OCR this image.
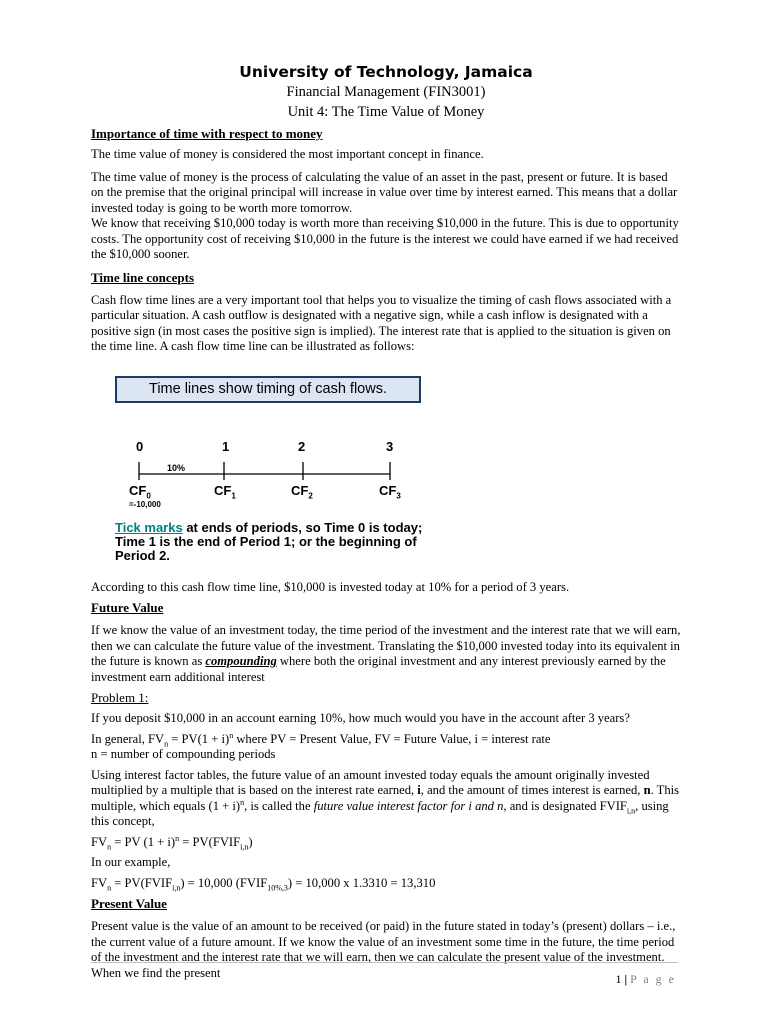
University of Technology, Jamaica

Financial Management (FIN3001)

Unit 4: The Time Value of Money

Importance of time with respect to money

The time value of money is considered the most important concept in finance.

The time value of money is the process of calculating the value of an asset in the past, present or future. It is based on the premise that the original principal will increase in value over time by interest earned. This means that a dollar invested today is going to be worth more tomorrow.

We know that receiving $10,000 today is worth more than receiving $10,000 in the future. This is due to opportunity costs. The opportunity cost of receiving $10,000 in the future is the interest we could have earned if we had received the $10,000 sooner.

Time line concepts

Cash flow time lines are a very important tool that helps you to visualize the timing of cash flows associated with a particular situation. A cash outflow is designated with a negative sign, while a cash inflow is designated with a positive sign (in most cases the positive sign is implied). The interest rate that is applied to the situation is given on the time line. A cash flow time line can be illustrated as follows:

Time lines show timing of cash flows.
0	1	2	3
10%
$CF_0$	$CF_1$	$CF_2$	$CF_3$
=-10,000
Tick marks at ends of periods, so Time 0 is today; Time 1 is the end of Period 1; or the beginning of Period 2.

According to this cash flow time line, $10,000 is invested today at 10% for a period of 3 years.

Future Value

If we know the value of an investment today, the time period of the investment and the interest rate that we will earn, then we can calculate the future value of the investment. Translating the $10,000 invested today into its equivalent in the future is known as compounding where both the original investment and any interest previously earned by the investment earn additional interest

Problem 1:

If you deposit $10,000 in an account earning 10%, how much would you have in the account after 3 years?

In general, $FV_n = PV(1 + i)^n$ where PV = Present Value, FV = Future Value, i = interest rate

n = number of compounding periods

Using interest factor tables, the future value of an amount invested today equals the amount originally invested multiplied by a multiple that is based on the interest rate earned, i, and the amount of times interest is earned, n. This multiple, which equals $(1 + i)^n$, is called the future value interest factor for i and n, and is designated $FVIF_{i,n}$, using this concept,

$FV_n$ = PV $(1 + i)^n$ = $PV(FVIF_{i,n})$

In our example,

$FV_n$ = $PV(FVIF_{i,n}) = 10,000$ $(FVIF_{10\%,3}) = 10,000$ x 1.3310 = 13,310

Present Value

Present value is the value of an amount to be received (or paid) in the future stated in today’s (present) dollars – i.e., the current value of a future amount. If we know the value of an investment some time in the future, the time period of the investment and the interest rate that we will earn, then we can calculate the present value of the investment. When we find the present	1 | P a g e
